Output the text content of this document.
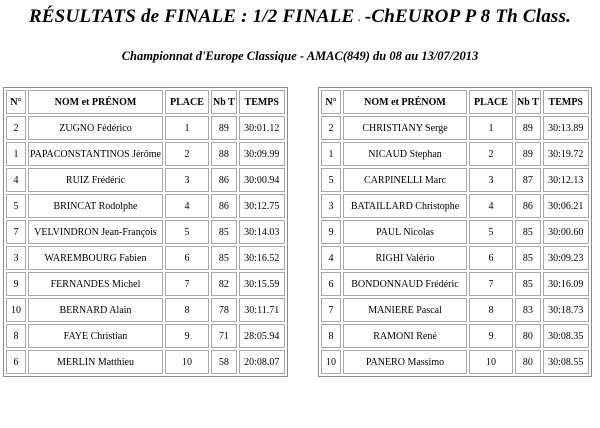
RÉSULTATS de FINALE : 1/2 FINALE . -ChEUROP P 8 Th Class.
Championnat d'Europe Classique - AMAC(849) du 08 au 13/07/2013
N°	NOM et PRÉNOM	PLACE	Nb T	TEMPS
2	ZUGNO Fédérico	1	89	30:01.12
1	PAPACONSTANTINOS Jérôme	2	88	30:09.99
4	RUIZ Frédéric	3	86	30:00.94
5	BRINCAT Rodolphe	4	86	30:12.75
7	VELVINDRON Jean-François	5	85	30:14.03
3	WAREMBOURG Fabien	6	85	30:16.52
9	FERNANDES Michel	7	82	30:15.59
10	BERNARD Alain	8	78	30:11.71
8	FAYE Christian	9	71	28:05.94
6	MERLIN Matthieu	10	58	20:08.07
N°	NOM et PRÉNOM	PLACE	Nb T	TEMPS
2	CHRISTIANY Serge	1	89	30:13.89
1	NICAUD Stephan	2	89	30:19.72
5	CARPINELLI Marc	3	87	30:12.13
3	BATAILLARD Christophe	4	86	30:06.21
9	PAUL Nicolas	5	85	30:00.60
4	RIGHI Valério	6	85	30:09.23
6	BONDONNAUD Frédéric	7	85	30:16.09
7	MANIERE Pascal	8	83	30:18.73
8	RAMONI René	9	80	30:08.35
10	PANERO Massimo	10	80	30:08.55
